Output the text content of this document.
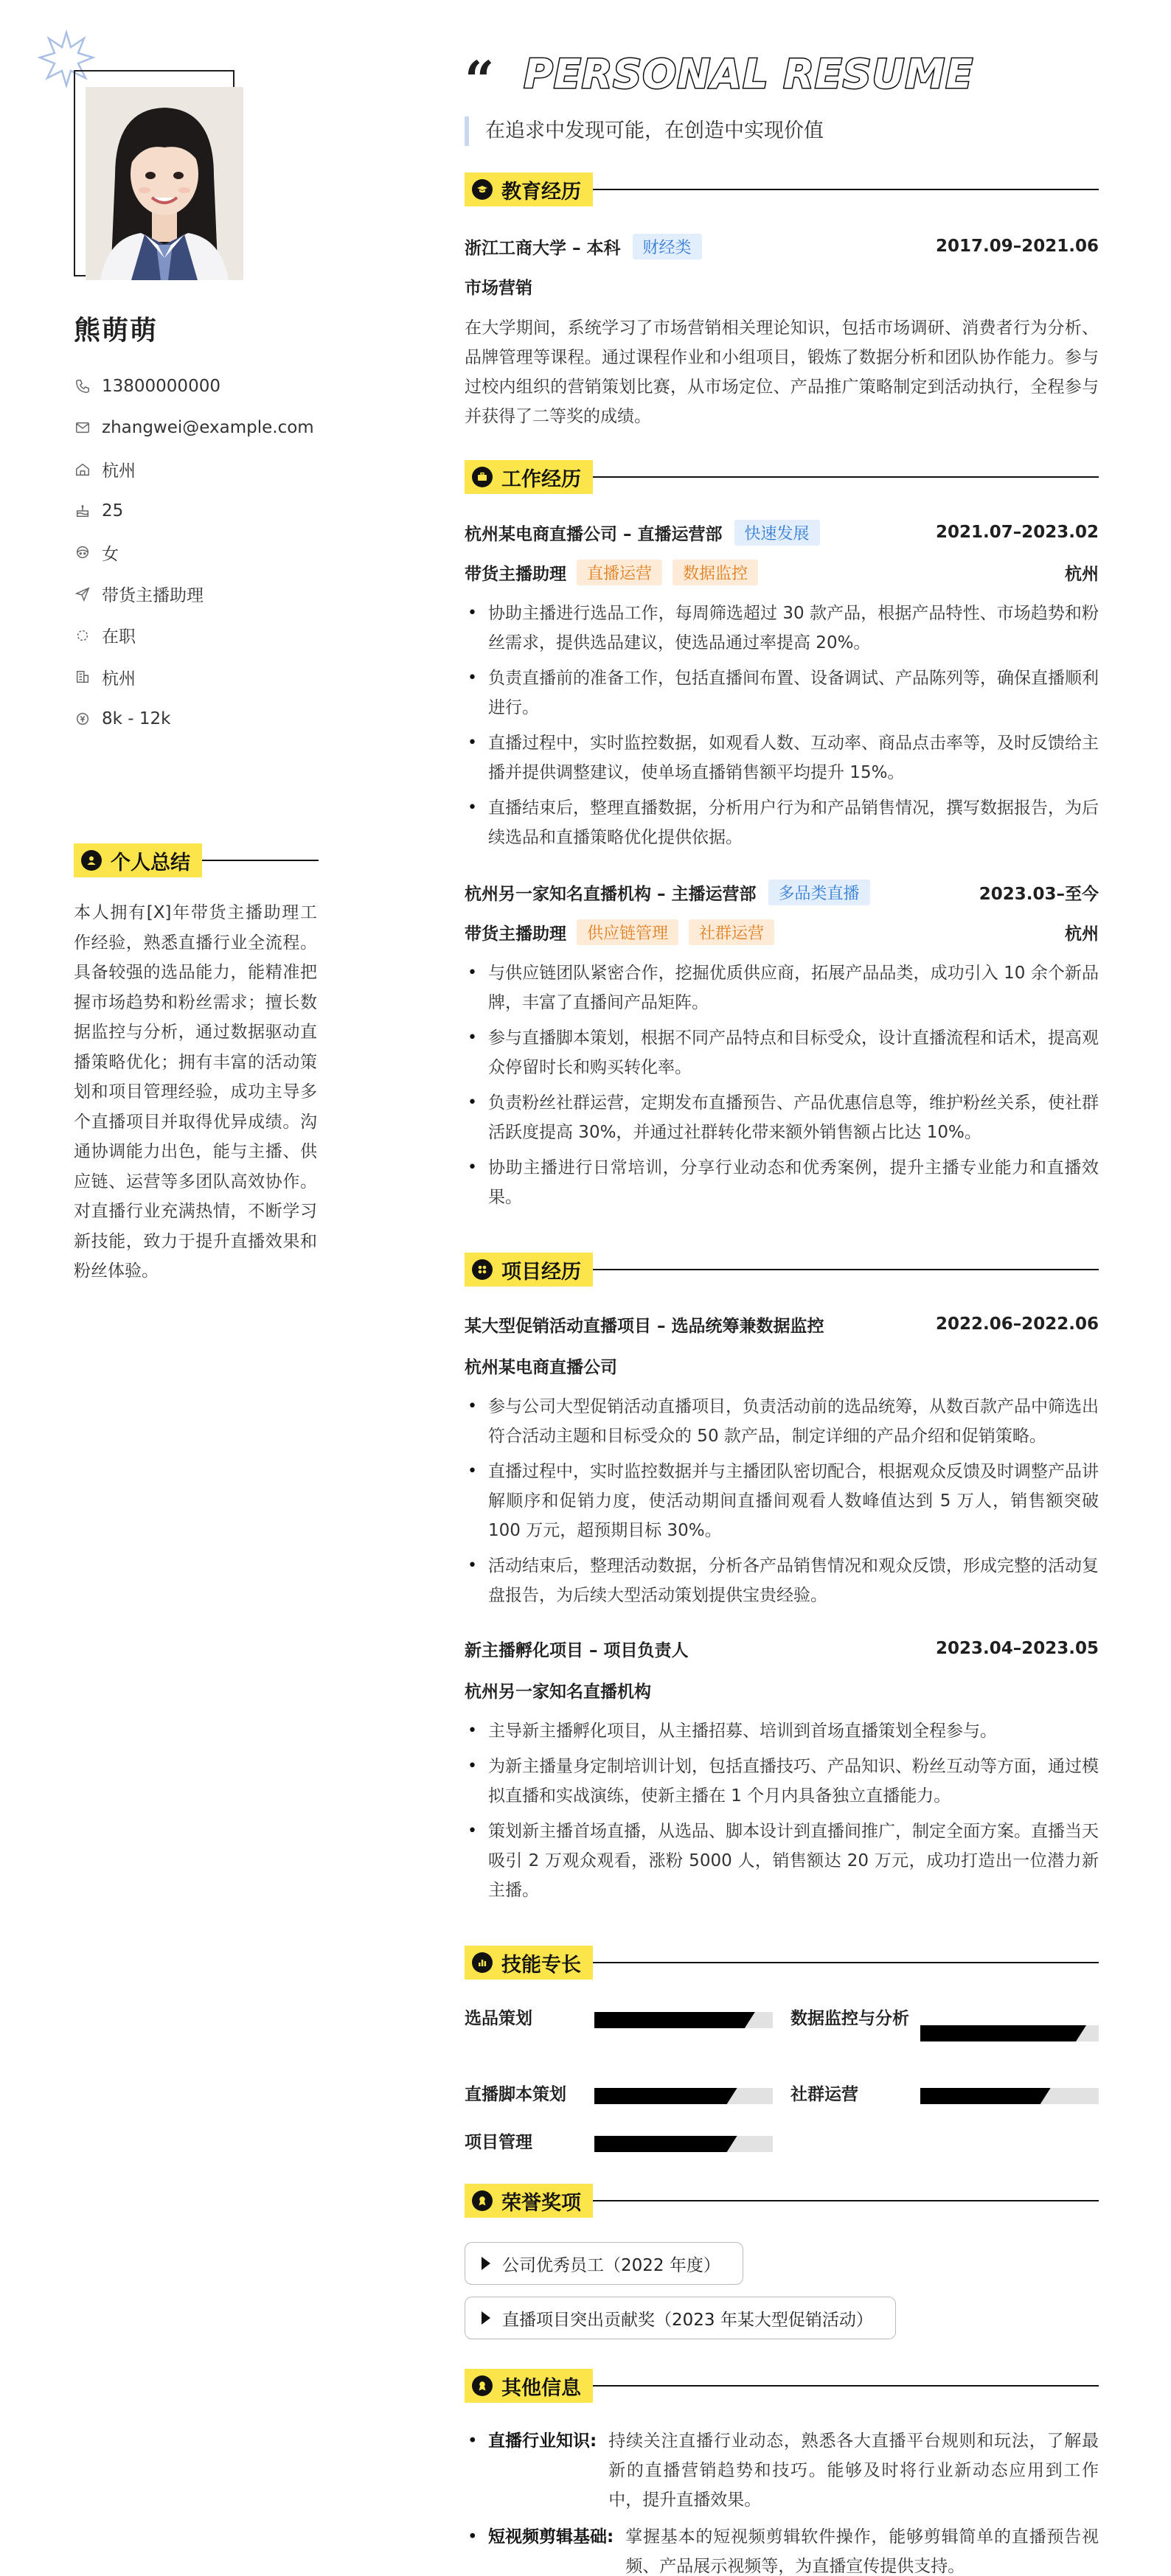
熊萌萌
13800000000
zhangwei@example.com
杭州
25
女
带货主播助理
在职
杭州
8k - 12k
个人总结
本人拥有[X]年带货主播助理工作经验，熟悉直播行业全流程。具备较强的选品能力，能精准把握市场趋势和粉丝需求；擅长数据监控与分析，通过数据驱动直播策略优化；拥有丰富的活动策划和项目管理经验，成功主导多个直播项目并取得优异成绩。沟通协调能力出色，能与主播、供应链、运营等多团队高效协作。对直播行业充满热情，不断学习新技能，致力于提升直播效果和粉丝体验。
“ PERSONAL RESUME
在追求中发现可能，在创造中实现价值
教育经历
浙江工商大学 – 本科	财经类	2017.09–2021.06
市场营销
在大学期间，系统学习了市场营销相关理论知识，包括市场调研、消费者行为分析、品牌管理等课程。通过课程作业和小组项目，锻炼了数据分析和团队协作能力。参与过校内组织的营销策划比赛，从市场定位、产品推广策略制定到活动执行，全程参与并获得了二等奖的成绩。
工作经历
杭州某电商直播公司 – 直播运营部	快速发展	2021.07–2023.02
带货主播助理	直播运营	数据监控	杭州
• 协助主播进行选品工作，每周筛选超过 30 款产品，根据产品特性、市场趋势和粉丝需求，提供选品建议，使选品通过率提高 20%。
• 负责直播前的准备工作，包括直播间布置、设备调试、产品陈列等，确保直播顺利进行。
• 直播过程中，实时监控数据，如观看人数、互动率、商品点击率等，及时反馈给主播并提供调整建议，使单场直播销售额平均提升 15%。
• 直播结束后，整理直播数据，分析用户行为和产品销售情况，撰写数据报告，为后续选品和直播策略优化提供依据。
杭州另一家知名直播机构 – 主播运营部	多品类直播	2023.03–至今
带货主播助理	供应链管理	社群运营	杭州
• 与供应链团队紧密合作，挖掘优质供应商，拓展产品品类，成功引入 10 余个新品牌，丰富了直播间产品矩阵。
• 参与直播脚本策划，根据不同产品特点和目标受众，设计直播流程和话术，提高观众停留时长和购买转化率。
• 负责粉丝社群运营，定期发布直播预告、产品优惠信息等，维护粉丝关系，使社群活跃度提高 30%，并通过社群转化带来额外销售额占比达 10%。
• 协助主播进行日常培训，分享行业动态和优秀案例，提升主播专业能力和直播效果。
项目经历
某大型促销活动直播项目 – 选品统筹兼数据监控	2022.06–2022.06
杭州某电商直播公司
• 参与公司大型促销活动直播项目，负责活动前的选品统筹，从数百款产品中筛选出符合活动主题和目标受众的 50 款产品，制定详细的产品介绍和促销策略。
• 直播过程中，实时监控数据并与主播团队密切配合，根据观众反馈及时调整产品讲解顺序和促销力度，使活动期间直播间观看人数峰值达到 5 万人，销售额突破 100 万元，超预期目标 30%。
• 活动结束后，整理活动数据，分析各产品销售情况和观众反馈，形成完整的活动复盘报告，为后续大型活动策划提供宝贵经验。
新主播孵化项目 – 项目负责人	2023.04–2023.05
杭州另一家知名直播机构
• 主导新主播孵化项目，从主播招募、培训到首场直播策划全程参与。
• 为新主播量身定制培训计划，包括直播技巧、产品知识、粉丝互动等方面，通过模拟直播和实战演练，使新主播在 1 个月内具备独立直播能力。
• 策划新主播首场直播，从选品、脚本设计到直播间推广，制定全面方案。直播当天吸引 2 万观众观看，涨粉 5000 人，销售额达 20 万元，成功打造出一位潜力新主播。
技能专长
选品策划	数据监控与分析
直播脚本策划	社群运营
项目管理
荣誉奖项
公司优秀员工（2022 年度）
直播项目突出贡献奖（2023 年某大型促销活动）
其他信息
• 直播行业知识: 持续关注直播行业动态，熟悉各大直播平台规则和玩法，了解最新的直播营销趋势和技巧。能够及时将行业新动态应用到工作中，提升直播效果。
• 短视频剪辑基础: 掌握基本的短视频剪辑软件操作，能够剪辑简单的直播预告视频、产品展示视频等，为直播宣传提供支持。
